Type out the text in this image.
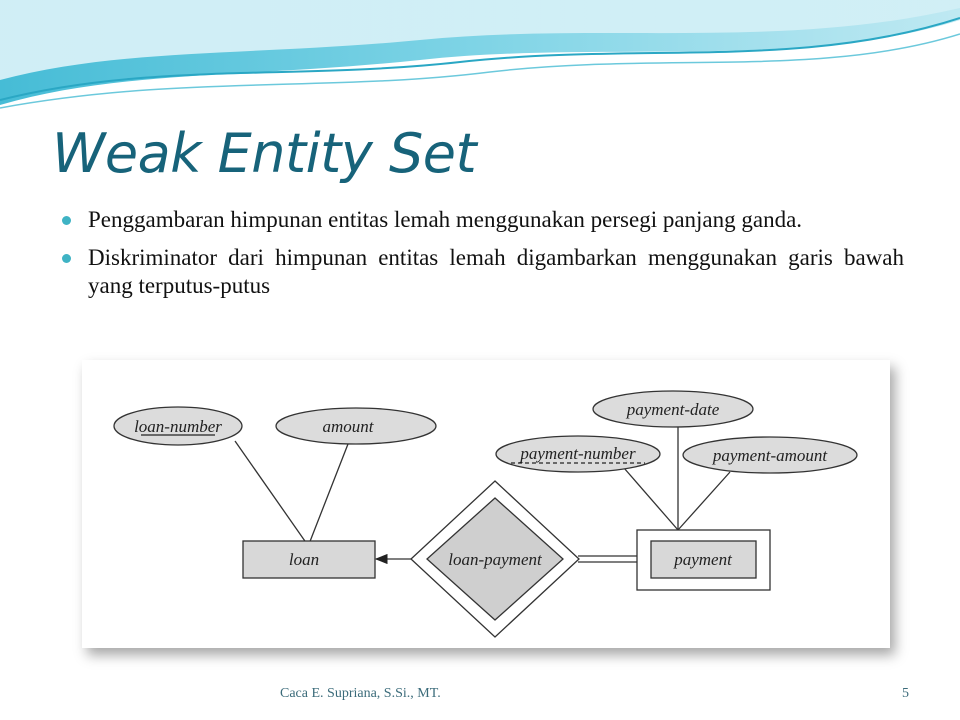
Weak Entity Set
Penggambaran himpunan entitas lemah menggunakan persegi panjang ganda.
Diskriminator dari himpunan entitas lemah digambarkan menggunakan garis bawah yang terputus-putus
loan-number	amount
payment-date
payment-number	payment-amount
loan	loan-payment	payment
Caca E. Supriana, S.Si., MT.	5
